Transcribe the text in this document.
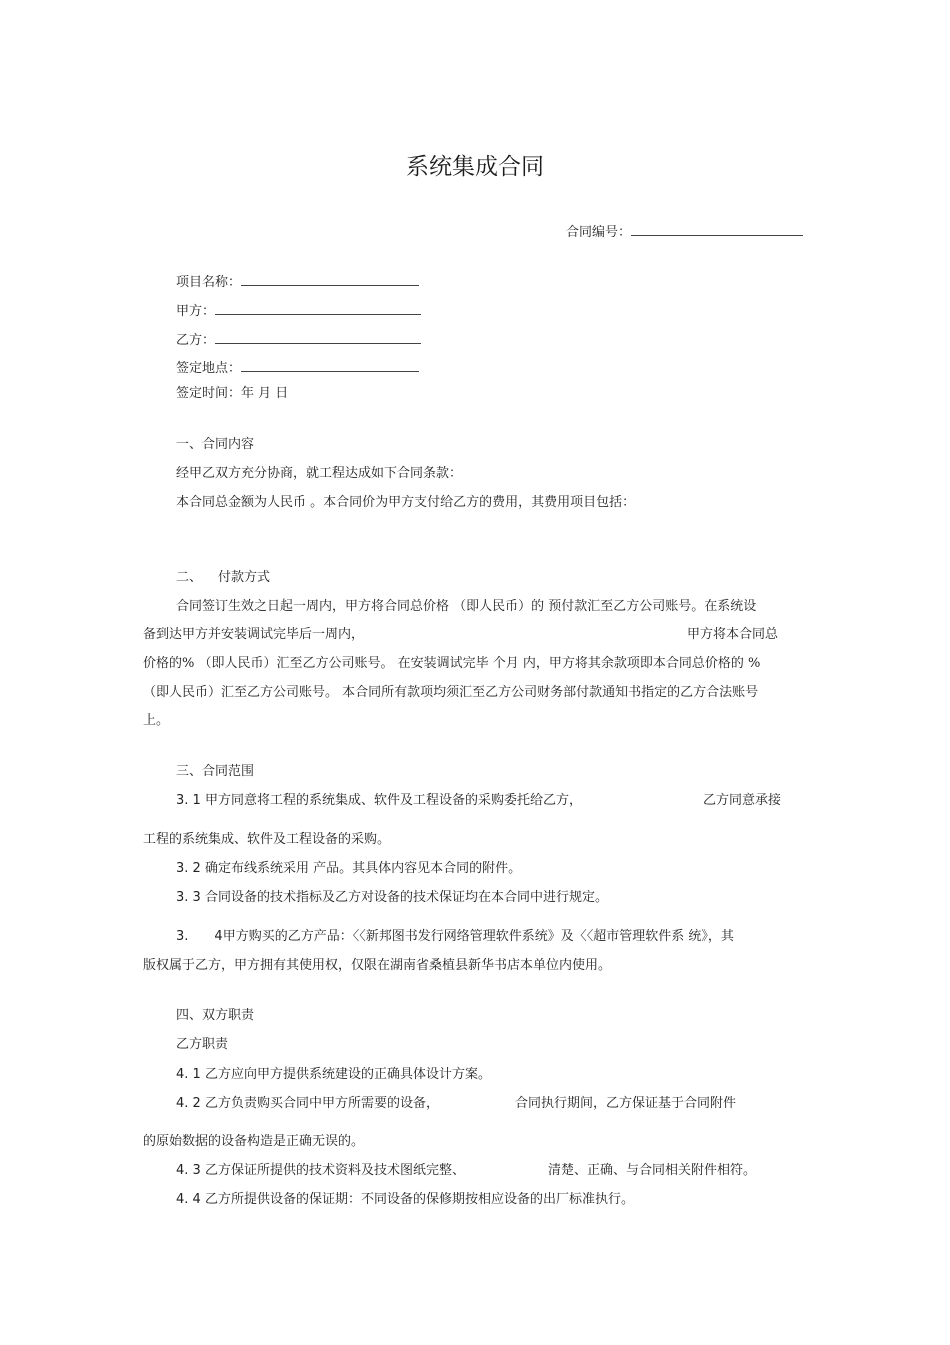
系统集成合同
合同编号：
项目名称：
甲方：
乙方：
签定地点：
签定时间：年 月 日
一、合同内容
经甲乙双方充分协商，就工程达成如下合同条款：
本合同总金额为人民币 。本合同价为甲方支付给乙方的费用，其费用项目包括：
二、 付款方式
合同签订生效之日起一周内，甲方将合同总价格 （即人民币）的 预付款汇至乙方公司账号。在系统设
备到达甲方并安装调试完毕后一周内，	甲方将本合同总
价格的% （即人民币）汇至乙方公司账号。 在安装调试完毕 个月 内，甲方将其余款项即本合同总价格的 %
（即人民币）汇至乙方公司账号。 本合同所有款项均须汇至乙方公司财务部付款通知书指定的乙方合法账号
上。
三、合同范围
3. 1 甲方同意将工程的系统集成、软件及工程设备的采购委托给乙方，	乙方同意承接
工程的系统集成、软件及工程设备的采购。
3. 2 确定布线系统采用 产品。其具体内容见本合同的附件。
3. 3 合同设备的技术指标及乙方对设备的技术保证均在本合同中进行规定。
3. 4甲方购买的乙方产品：〈〈新邦图书发行网络管理软件系统》及〈〈超市管理软件系 统》，其
版权属于乙方，甲方拥有其使用权，仅限在湖南省桑植县新华书店本单位内使用。
四、双方职责
乙方职责
4. 1 乙方应向甲方提供系统建设的正确具体设计方案。
4. 2 乙方负责购买合同中甲方所需要的设备，	合同执行期间，乙方保证基于合同附件
的原始数据的设备构造是正确无误的。
4. 3 乙方保证所提供的技术资料及技术图纸完整、	清楚、正确、与合同相关附件相符。
4. 4 乙方所提供设备的保证期：不同设备的保修期按相应设备的出厂标准执行。
